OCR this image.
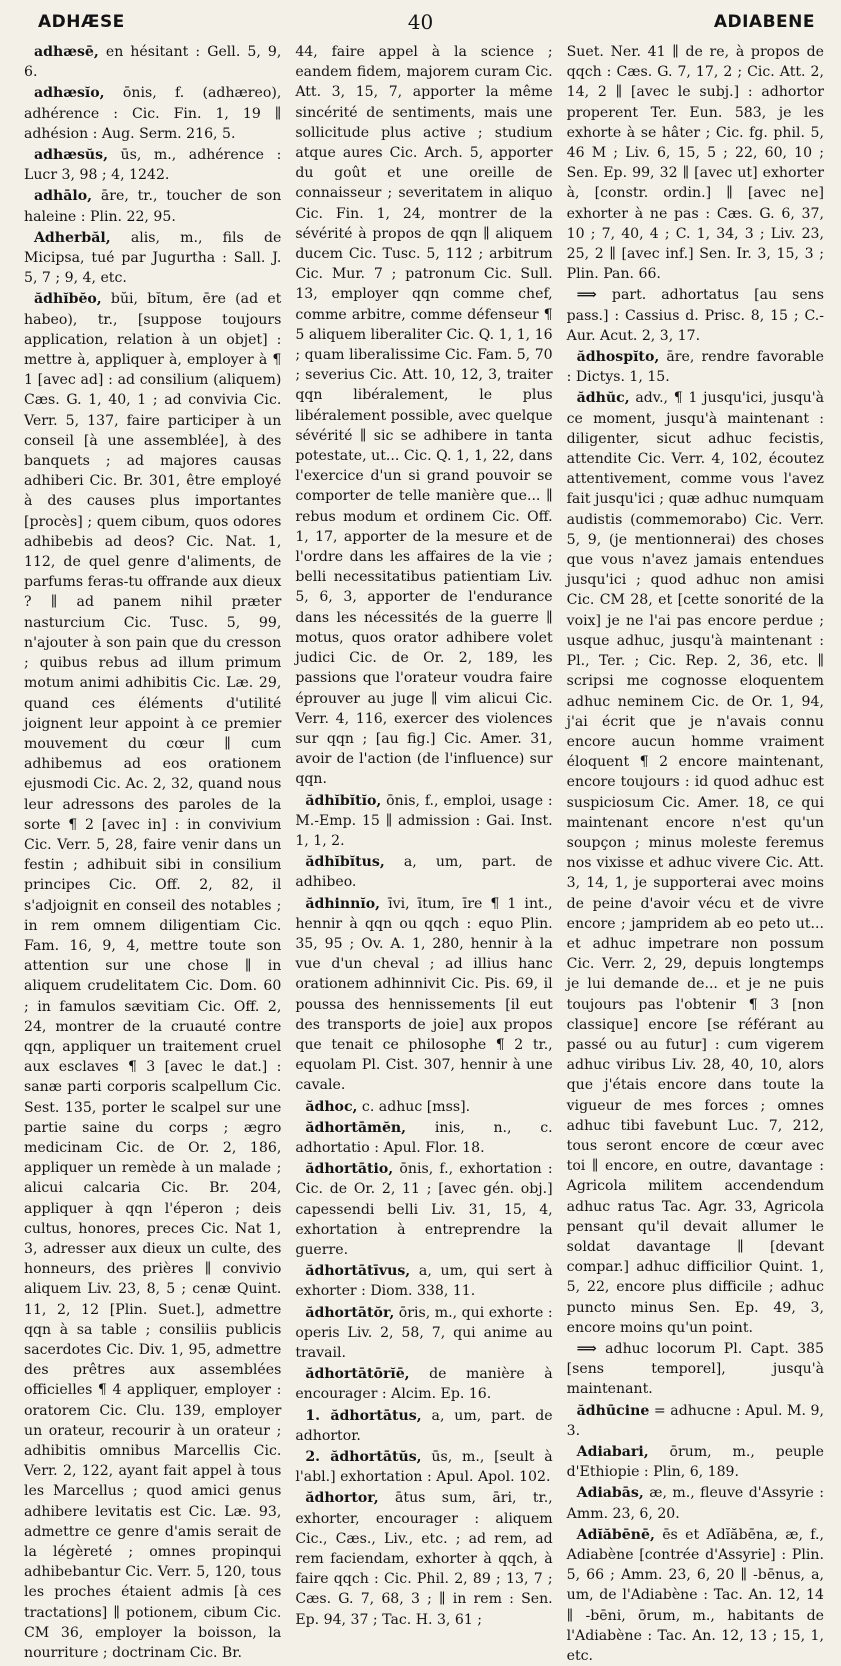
ADHÆSE	40	ADIABENE

adhæsē, en hésitant : Gell. 5, 9, 6.

adhæsĭo, ōnis, f. (adhæreo), adhérence : Cic. Fin. 1, 19 ∥ adhésion : Aug. Serm. 216, 5.

adhæsŭs, ūs, m., adhérence : Lucr 3, 98 ; 4, 1242.

adhālo, āre, tr., toucher de son haleine : Plin. 22, 95.

Adherbăl, alis, m., fils de Micipsa, tué par Jugurtha : Sall. J. 5, 7 ; 9, 4, etc.

ădhĭbĕo, bŭi, bĭtum, ēre (ad et habeo), tr., [suppose toujours application, relation à un objet] : mettre à, appliquer à, employer à ¶ 1 [avec ad] : ad consilium (aliquem) Cæs. G. 1, 40, 1 ; ad convivia Cic. Verr. 5, 137, faire participer à un conseil [à une assemblée], à des banquets ; ad majores causas adhiberi Cic. Br. 301, être employé à des causes plus importantes [procès] ; quem cibum, quos odores adhibebis ad deos? Cic. Nat. 1, 112, de quel genre d'aliments, de parfums feras-tu offrande aux dieux ? ∥ ad panem nihil præter nasturcium Cic. Tusc. 5, 99, n'ajouter à son pain que du cresson ; quibus rebus ad illum primum motum animi adhibitis Cic. Læ. 29, quand ces éléments d'utilité joignent leur appoint à ce premier mouvement du cœur ∥ cum adhibemus ad eos orationem ejusmodi Cic. Ac. 2, 32, quand nous leur adressons des paroles de la sorte ¶ 2 [avec in] : in convivium Cic. Verr. 5, 28, faire venir dans un festin ; adhibuit sibi in consilium principes Cic. Off. 2, 82, il s'adjoignit en conseil des notables ; in rem omnem diligentiam Cic. Fam. 16, 9, 4, mettre toute son attention sur une chose ∥ in aliquem crudelitatem Cic. Dom. 60 ; in famulos sævitiam Cic. Off. 2, 24, montrer de la cruauté contre qqn, appliquer un traitement cruel aux esclaves ¶ 3 [avec le dat.] : sanæ parti corporis scalpellum Cic. Sest. 135, porter le scalpel sur une partie saine du corps ; ægro medicinam Cic. de Or. 2, 186, appliquer un remède à un malade ; alicui calcaria Cic. Br. 204, appliquer à qqn l'éperon ; deis cultus, honores, preces Cic. Nat 1, 3, adresser aux dieux un culte, des honneurs, des prières ∥ convivio aliquem Liv. 23, 8, 5 ; cenæ Quint. 11, 2, 12 [Plin. Suet.], admettre qqn à sa table ; consiliis publicis sacerdotes Cic. Div. 1, 95, admettre des prêtres aux assemblées officielles ¶ 4 appliquer, employer : oratorem Cic. Clu. 139, employer un orateur, recourir à un orateur ; adhibitis omnibus Marcellis Cic. Verr. 2, 122, ayant fait appel à tous les Marcellus ; quod amici genus adhibere levitatis est Cic. Læ. 93, admettre ce genre d'amis serait de la légèreté ; omnes propinqui adhibebantur Cic. Verr. 5, 120, tous les proches étaient admis [à ces tractations] ∥ potionem, cibum Cic. CM 36, employer la boisson, la nourriture ; doctrinam Cic. Br.

44, faire appel à la science ; eandem fidem, majorem curam Cic. Att. 3, 15, 7, apporter la même sincérité de sentiments, mais une sollicitude plus active ; studium atque aures Cic. Arch. 5, apporter du goût et une oreille de connaisseur ; severitatem in aliquo Cic. Fin. 1, 24, montrer de la sévérité à propos de qqn ∥ aliquem ducem Cic. Tusc. 5, 112 ; arbitrum Cic. Mur. 7 ; patronum Cic. Sull. 13, employer qqn comme chef, comme arbitre, comme défenseur ¶ 5 aliquem liberaliter Cic. Q. 1, 1, 16 ; quam liberalissime Cic. Fam. 5, 70 ; severius Cic. Att. 10, 12, 3, traiter qqn libéralement, le plus libéralement possible, avec quelque sévérité ∥ sic se adhibere in tanta potestate, ut... Cic. Q. 1, 1, 22, dans l'exercice d'un si grand pouvoir se comporter de telle manière que... ∥ rebus modum et ordinem Cic. Off. 1, 17, apporter de la mesure et de l'ordre dans les affaires de la vie ; belli necessitatibus patientiam Liv. 5, 6, 3, apporter de l'endurance dans les nécessités de la guerre ∥ motus, quos orator adhibere volet judici Cic. de Or. 2, 189, les passions que l'orateur voudra faire éprouver au juge ∥ vim alicui Cic. Verr. 4, 116, exercer des violences sur qqn ; [au fig.] Cic. Amer. 31, avoir de l'action (de l'influence) sur qqn.

ădhĭbĭtĭo, ōnis, f., emploi, usage : M.-Emp. 15 ∥ admission : Gai. Inst. 1, 1, 2.

ădhĭbĭtus, a, um, part. de adhibeo.

ădhinnĭo, īvi, ītum, īre ¶ 1 int., hennir à qqn ou qqch : equo Plin. 35, 95 ; Ov. A. 1, 280, hennir à la vue d'un cheval ; ad illius hanc orationem adhinnivit Cic. Pis. 69, il poussa des hennissements [il eut des transports de joie] aux propos que tenait ce philosophe ¶ 2 tr., equolam Pl. Cist. 307, hennir à une cavale.

ădhoc, c. adhuc [mss].

ădhortāmĕn, inis, n., c. adhortatio : Apul. Flor. 18.

ădhortātio, ōnis, f., exhortation : Cic. de Or. 2, 11 ; [avec gén. obj.] capessendi belli Liv. 31, 15, 4, exhortation à entreprendre la guerre.

ădhortātīvus, a, um, qui sert à exhorter : Diom. 338, 11.

ădhortātŏr, ōris, m., qui exhorte : operis Liv. 2, 58, 7, qui anime au travail.

ădhortātōrĭē, de manière à encourager : Alcim. Ep. 16.

1. ădhortātus, a, um, part. de adhortor.

2. ădhortātŭs, ūs, m., [seult à l'abl.] exhortation : Apul. Apol. 102.

ădhortor, ātus sum, āri, tr., exhorter, encourager : aliquem Cic., Cæs., Liv., etc. ; ad rem, ad rem faciendam, exhorter à qqch, à faire qqch : Cic. Phil. 2, 89 ; 13, 7 ; Cæs. G. 7, 68, 3 ; ∥ in rem : Sen. Ep. 94, 37 ; Tac. H. 3, 61 ;

Suet. Ner. 41 ∥ de re, à propos de qqch : Cæs. G. 7, 17, 2 ; Cic. Att. 2, 14, 2 ∥ [avec le subj.] : adhortor properent Ter. Eun. 583, je les exhorte à se hâter ; Cic. fg. phil. 5, 46 M ; Liv. 6, 15, 5 ; 22, 60, 10 ; Sen. Ep. 99, 32 ∥ [avec ut] exhorter à, [constr. ordin.] ∥ [avec ne] exhorter à ne pas : Cæs. G. 6, 37, 10 ; 7, 40, 4 ; C. 1, 34, 3 ; Liv. 23, 25, 2 ∥ [avec inf.] Sen. Ir. 3, 15, 3 ; Plin. Pan. 66.

⟹ part. adhortatus [au sens pass.] : Cassius d. Prisc. 8, 15 ; C.-Aur. Acut. 2, 3, 17.

ădhospĭto, āre, rendre favorable : Dictys. 1, 15.

ădhŭc, adv., ¶ 1 jusqu'ici, jusqu'à ce moment, jusqu'à maintenant : diligenter, sicut adhuc fecistis, attendite Cic. Verr. 4, 102, écoutez attentivement, comme vous l'avez fait jusqu'ici ; quæ adhuc numquam audistis (commemorabo) Cic. Verr. 5, 9, (je mentionnerai) des choses que vous n'avez jamais entendues jusqu'ici ; quod adhuc non amisi Cic. CM 28, et [cette sonorité de la voix] je ne l'ai pas encore perdue ; usque adhuc, jusqu'à maintenant : Pl., Ter. ; Cic. Rep. 2, 36, etc. ∥ scripsi me cognosse eloquentem adhuc neminem Cic. de Or. 1, 94, j'ai écrit que je n'avais connu encore aucun homme vraiment éloquent ¶ 2 encore maintenant, encore toujours : id quod adhuc est suspiciosum Cic. Amer. 18, ce qui maintenant encore n'est qu'un soupçon ; minus moleste feremus nos vixisse et adhuc vivere Cic. Att. 3, 14, 1, je supporterai avec moins de peine d'avoir vécu et de vivre encore ; jampridem ab eo peto ut... et adhuc impetrare non possum Cic. Verr. 2, 29, depuis longtemps je lui demande de... et je ne puis toujours pas l'obtenir ¶ 3 [non classique] encore [se référant au passé ou au futur] : cum vigerem adhuc viribus Liv. 28, 40, 10, alors que j'étais encore dans toute la vigueur de mes forces ; omnes adhuc tibi favebunt Luc. 7, 212, tous seront encore de cœur avec toi ∥ encore, en outre, davantage : Agricola militem accendendum adhuc ratus Tac. Agr. 33, Agricola pensant qu'il devait allumer le soldat davantage ∥ [devant compar.] adhuc difficilior Quint. 1, 5, 22, encore plus difficile ; adhuc puncto minus Sen. Ep. 49, 3, encore moins qu'un point.

⟹ adhuc locorum Pl. Capt. 385 [sens temporel], jusqu'à maintenant.

ădhūcine = adhucne : Apul. M. 9, 3.

Adiabari, ōrum, m., peuple d'Ethiopie : Plin, 6, 189.

Adiabās, æ, m., fleuve d'Assyrie : Amm. 23, 6, 20.

Adĭăbēnē, ēs et Adĭăbēna, æ, f., Adiabène [contrée d'Assyrie] : Plin. 5, 66 ; Amm. 23, 6, 20 ∥ -bēnus, a, um, de l'Adiabène : Tac. An. 12, 14 ∥ -bēni, ōrum, m., habitants de l'Adiabène : Tac. An. 12, 13 ; 15, 1, etc.
